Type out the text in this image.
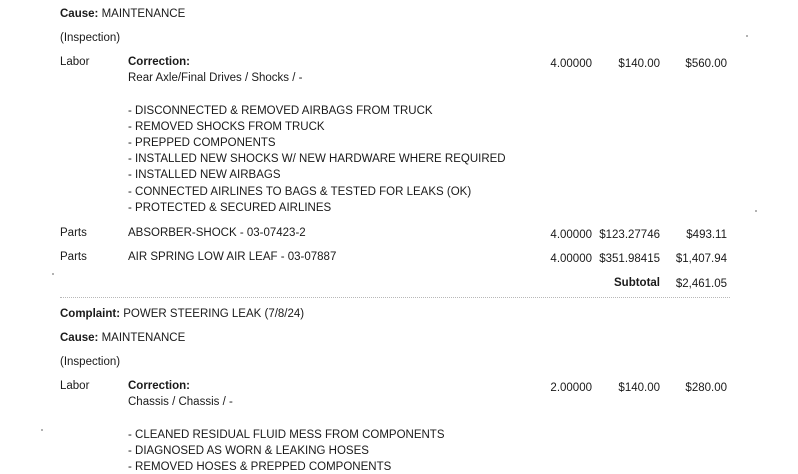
Cause: MAINTENANCE
(Inspection)
Labor	Correction:
Rear Axle/Final Drives / Shocks / -
4.00000	$140.00	$560.00
- DISCONNECTED & REMOVED AIRBAGS FROM TRUCK
- REMOVED SHOCKS FROM TRUCK
- PREPPED COMPONENTS
- INSTALLED NEW SHOCKS W/ NEW HARDWARE WHERE REQUIRED
- INSTALLED NEW AIRBAGS
- CONNECTED AIRLINES TO BAGS & TESTED FOR LEAKS (OK)
- PROTECTED & SECURED AIRLINES
Parts	ABSORBER-SHOCK - 03-07423-2	4.00000 $123.27746	$493.11
Parts	AIR SPRING LOW AIR LEAF - 03-07887	4.00000 $351.98415	$1,407.94
Subtotal	$2,461.05
Complaint: POWER STEERING LEAK (7/8/24)
Cause: MAINTENANCE
(Inspection)
Labor	Correction:
Chassis / Chassis / -
2.00000	$140.00	$280.00
- CLEANED RESIDUAL FLUID MESS FROM COMPONENTS
- DIAGNOSED AS WORN & LEAKING HOSES
- REMOVED HOSES & PREPPED COMPONENTS
